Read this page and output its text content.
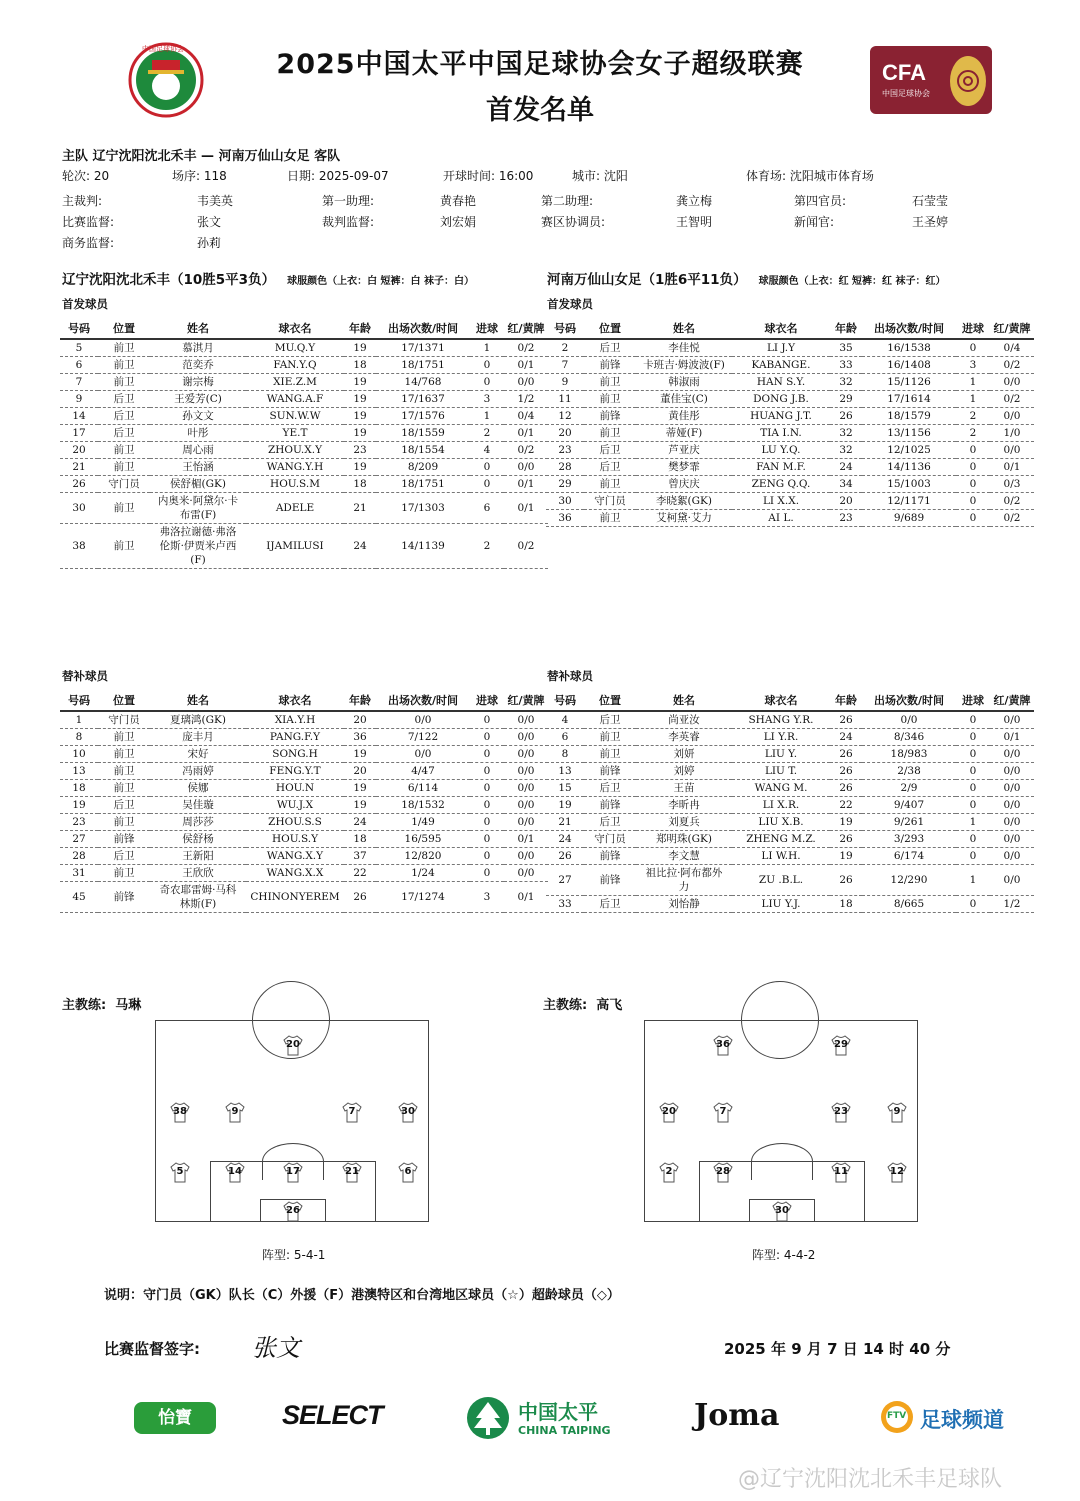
中国足球协会
CFA
中国足球协会
2025中国太平中国足球协会女子超级联赛
首发名单
主队 辽宁沈阳沈北禾丰 — 河南万仙山女足 客队
轮次: 20	场序: 118	日期: 2025-09-07	开球时间: 16:00	城市: 沈阳	体育场: 沈阳城市体育场
主裁判:	韦美英	第一助理:	黄春艳	第二助理:	龚立梅	第四官员:	石莹莹
比赛监督:	张文	裁判监督:	刘宏娟	赛区协调员:	王智明	新闻官:	王圣婷
商务监督:	孙莉
辽宁沈阳沈北禾丰（10胜5平3负） 球服颜色（上衣：白 短裤：白 袜子：白）	河南万仙山女足（1胜6平11负） 球服颜色（上衣：红 短裤：红 袜子：红）
首发球员	首发球员
号码	位置	姓名	球衣名	年龄	出场次数/时间	进球	红/黄牌
5	前卫	慕淇月	MU.Q.Y	19	17/1371	1	0/2
6	前卫	范奕乔	FAN.Y.Q	18	18/1751	0	0/1
7	前卫	谢宗梅	XIE.Z.M	19	14/768	0	0/0
9	后卫	王爱芳(C)	WANG.A.F	19	17/1637	3	1/2
14	后卫	孙文文	SUN.W.W	19	17/1576	1	0/4
17	后卫	叶彤	YE.T	19	18/1559	2	0/1
20	前卫	周心雨	ZHOU.X.Y	23	18/1554	4	0/2
21	前卫	王怡涵	WANG.Y.H	19	8/209	0	0/0
26	守门员	侯舒楣(GK)	HOU.S.M	18	18/1751	0	0/1
30	前卫	内奥米·阿黛尔·卡布雷(F)	ADELE	21	17/1303	6	0/1
38	前卫	弗洛拉谢德·弗洛伦斯·伊贾米卢西(F)	IJAMILUSI	24	14/1139	2	0/2
号码	位置	姓名	球衣名	年龄	出场次数/时间	进球	红/黄牌
2	后卫	李佳悦	LI J.Y	35	16/1538	0	0/4
7	前锋	卡班吉·姆波波(F)	KABANGE.	33	16/1408	3	0/2
9	前卫	韩淑雨	HAN S.Y.	32	15/1126	1	0/0
11	前卫	董佳宝(C)	DONG J.B.	29	17/1614	1	0/2
12	前锋	黄佳彤	HUANG J.T.	26	18/1579	2	0/0
20	前卫	蒂娅(F)	TIA I.N.	32	13/1156	2	1/0
23	后卫	芦亚庆	LU Y.Q.	32	12/1025	0	0/0
28	后卫	樊梦霏	FAN M.F.	24	14/1136	0	0/1
29	前卫	曾庆庆	ZENG Q.Q.	34	15/1003	0	0/3
30	守门员	李晓絮(GK)	LI X.X.	20	12/1171	0	0/2
36	前卫	艾柯黛·艾力	AI L.	23	9/689	0	0/2
替补球员	替补球员
号码	位置	姓名	球衣名	年龄	出场次数/时间	进球	红/黄牌
1	守门员	夏璃鸿(GK)	XIA.Y.H	20	0/0	0	0/0
8	前卫	庞丰月	PANG.F.Y	36	7/122	0	0/0
10	前卫	宋好	SONG.H	19	0/0	0	0/0
13	前卫	冯雨婷	FENG.Y.T	20	4/47	0	0/0
18	前卫	侯娜	HOU.N	19	6/114	0	0/0
19	后卫	吴佳璇	WU.J.X	19	18/1532	0	0/0
23	前卫	周莎莎	ZHOU.S.S	24	1/49	0	0/0
27	前锋	侯舒杨	HOU.S.Y	18	16/595	0	0/1
28	后卫	王新阳	WANG.X.Y	37	12/820	0	0/0
31	前卫	王欣欣	WANG.X.X	22	1/24	0	0/0
45	前锋	奇农耶雷姆·马科林斯(F)	CHINONYEREM	26	17/1274	3	0/1
号码	位置	姓名	球衣名	年龄	出场次数/时间	进球	红/黄牌
4	后卫	尚亚汝	SHANG Y.R.	26	0/0	0	0/0
6	前卫	李英睿	LI Y.R.	24	8/346	0	0/1
8	前卫	刘妍	LIU Y.	26	18/983	0	0/0
13	前锋	刘婷	LIU T.	26	2/38	0	0/0
15	后卫	王苗	WANG M.	26	2/9	0	0/0
19	前锋	李昕冉	LI X.R.	22	9/407	0	0/0
21	后卫	刘夏兵	LIU X.B.	19	9/261	1	0/0
24	守门员	郑明珠(GK)	ZHENG M.Z.	26	3/293	0	0/0
26	前锋	李文慧	LI W.H.	19	6/174	0	0/0
27	前锋	祖比拉·阿布都外力	ZU .B.L.	26	12/290	1	0/0
33	后卫	刘怡静	LIU Y.J.	18	8/665	0	1/2
主教练: 马琳	主教练: 高飞
20
38	9	7	30
5	14	17	21	6
26
阵型: 5-4-1
36	29
20	7	23	9
2	28	11	12
30
阵型: 4-4-2
说明：守门员（GK）队长（C）外援（F）港澳特区和台湾地区球员（☆）超龄球员（◇）
比赛监督签字: 张文	2025 年 9 月 7 日 14 时 40 分
怡寶	SELECT	中国太平
CHINA TAIPING	Joma	FTV 足球频道
@辽宁沈阳沈北禾丰足球队
